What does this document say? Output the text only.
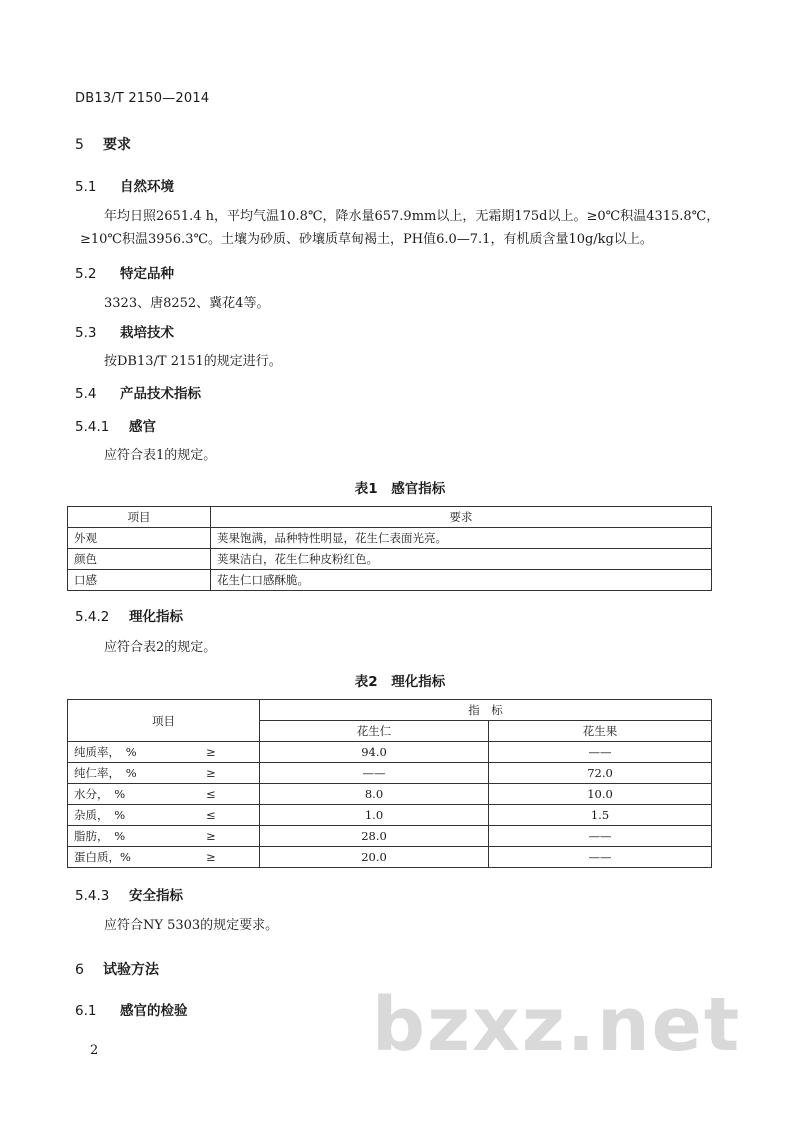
DB13/T 2150—2014
5 要求
5.1 自然环境
年均日照2651.4 h，平均气温10.8℃，降水量657.9mm以上，无霜期175d以上。≥0℃积温4315.8℃，
≥10℃积温3956.3℃。土壤为砂质、砂壤质草甸褐土，PH值6.0—7.1，有机质含量10g/kg以上。
5.2 特定品种
3323、唐8252、冀花4等。
5.3 栽培技术
按DB13/T 2151的规定进行。
5.4 产品技术指标
5.4.1 感官
应符合表1的规定。
表1　感官指标
项目	要求
外观	荚果饱满，品种特性明显，花生仁表面光亮。
颜色	荚果洁白，花生仁种皮粉红色。
口感	花生仁口感酥脆。
5.4.2 理化指标
应符合表2的规定。
表2　理化指标
项目	指　标	
	花生仁	花生果
纯质率，　% ≥	94.0	——
纯仁率，　% ≥	——	72.0
水分，　% ≤	8.0	10.0
杂质，　% ≤	1.0	1.5
脂肪，　% ≥	28.0	——
蛋白质，% ≥	20.0	——
5.4.3 安全指标
应符合NY 5303的规定要求。
6 试验方法
6.1 感官的检验 bzxz.net
2
